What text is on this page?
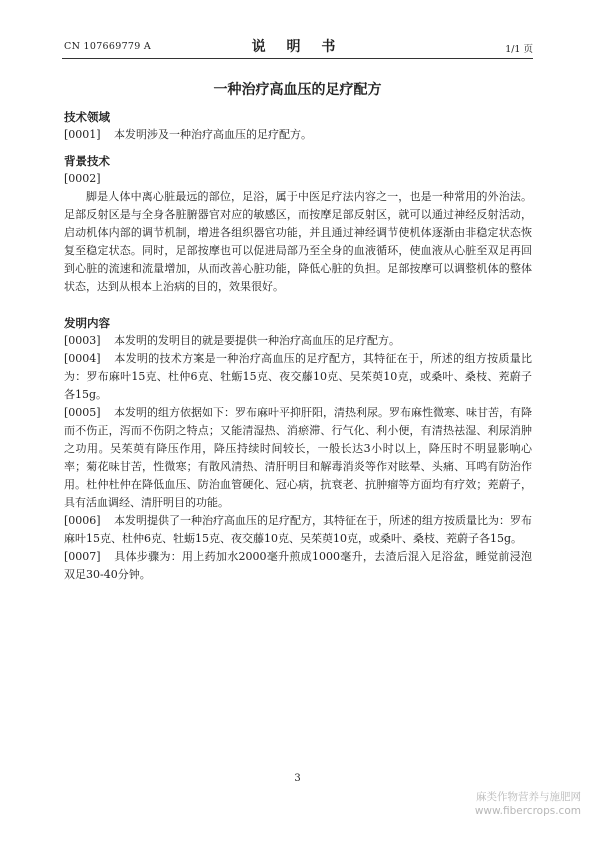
CN 107669779 A	说 明 书	1/1 页
一种治疗高血压的足疗配方
技术领域

[0001] 本发明涉及一种治疗高血压的足疗配方。

背景技术

[0002]

脚是人体中离心脏最远的部位，足浴，属于中医足疗法内容之一，也是一种常用的外治法。足部反射区是与全身各脏腑器官对应的敏感区，而按摩足部反射区，就可以通过神经反射活动，启动机体内部的调节机制，增进各组织器官功能，并且通过神经调节使机体逐渐由非稳定状态恢复至稳定状态。同时，足部按摩也可以促进局部乃至全身的血液循环，使血液从心脏至双足再回到心脏的流速和流量增加，从而改善心脏功能，降低心脏的负担。足部按摩可以调整机体的整体状态，达到从根本上治病的目的，效果很好。

发明内容

[0003] 本发明的发明目的就是要提供一种治疗高血压的足疗配方。

[0004] 本发明的技术方案是一种治疗高血压的足疗配方，其特征在于，所述的组方按质量比为：罗布麻叶15克、杜仲6克、牡蛎15克、夜交藤10克、吴茱萸10克，或桑叶、桑枝、茺蔚子各15g。

[0005] 本发明的组方依据如下：罗布麻叶平抑肝阳，清热利尿。罗布麻性微寒、味甘苦，有降而不伤正，泻而不伤阴之特点；又能清湿热、消瘀滞、行气化、利小便，有清热祛湿、利尿消肿之功用。吴茱萸有降压作用，降压持续时间较长，一般长达3小时以上，降压时不明显影响心率；菊花味甘苦，性微寒；有散风清热、清肝明目和解毒消炎等作对眩晕、头痛、耳鸣有防治作用。杜仲杜仲在降低血压、防治血管硬化、冠心病，抗衰老、抗肿瘤等方面均有疗效；茺蔚子，具有活血调经、清肝明目的功能。

[0006] 本发明提供了一种治疗高血压的足疗配方，其特征在于，所述的组方按质量比为：罗布麻叶15克、杜仲6克、牡蛎15克、夜交藤10克、吴茱萸10克，或桑叶、桑枝、茺蔚子各15g。

[0007] 具体步骤为：用上药加水2000毫升煎成1000毫升，去渣后混入足浴盆，睡觉前浸泡双足30-40分钟。

3
麻类作物营养与施肥网
www.fibercrops.com
